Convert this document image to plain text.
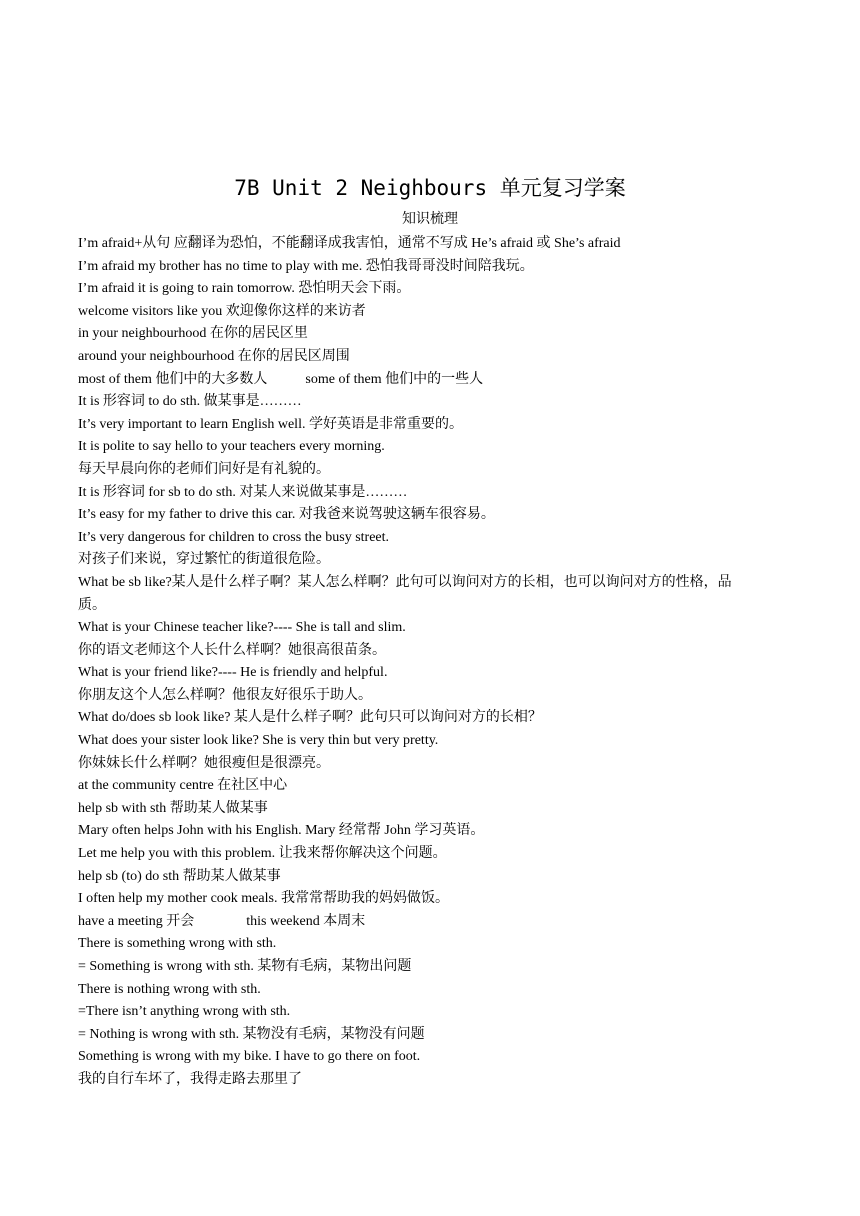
7B Unit 2 Neighbours 单元复习学案
知识梳理
I’m afraid+从句 应翻译为恐怕，不能翻译成我害怕，通常不写成 He’s afraid 或 She’s afraid
I’m afraid my brother has no time to play with me. 恐怕我哥哥没时间陪我玩。
I’m afraid it is going to rain tomorrow. 恐怕明天会下雨。
welcome visitors like you 欢迎像你这样的来访者
in your neighbourhood 在你的居民区里
around your neighbourhood 在你的居民区周围
most of them 他们中的大多数人	some of them 他们中的一些人
It is 形容词 to do sth. 做某事是………
It’s very important to learn English well. 学好英语是非常重要的。
It is polite to say hello to your teachers every morning.
每天早晨向你的老师们问好是有礼貌的。
It is 形容词 for sb to do sth. 对某人来说做某事是………
It’s easy for my father to drive this car. 对我爸来说驾驶这辆车很容易。
It’s very dangerous for children to cross the busy street.
对孩子们来说，穿过繁忙的街道很危险。
What be sb like?某人是什么样子啊？某人怎么样啊？此句可以询问对方的长相，也可以询问对方的性格，品
质。
What is your Chinese teacher like?---- She is tall and slim.
你的语文老师这个人长什么样啊？她很高很苗条。
What is your friend like?---- He is friendly and helpful.
你朋友这个人怎么样啊？他很友好很乐于助人。
What do/does sb look like? 某人是什么样子啊？此句只可以询问对方的长相？
What does your sister look like? She is very thin but very pretty.
你妹妹长什么样啊？她很瘦但是很漂亮。
at the community centre 在社区中心
help sb with sth 帮助某人做某事
Mary often helps John with his English. Mary 经常帮 John 学习英语。
Let me help you with this problem. 让我来帮你解决这个问题。
help sb (to) do sth 帮助某人做某事
I often help my mother cook meals. 我常常帮助我的妈妈做饭。
have a meeting 开会	this weekend 本周末
There is something wrong with sth.
= Something is wrong with sth. 某物有毛病，某物出问题
There is nothing wrong with sth.
=There isn’t anything wrong with sth.
= Nothing is wrong with sth. 某物没有毛病，某物没有问题
Something is wrong with my bike. I have to go there on foot.
我的自行车坏了，我得走路去那里了
